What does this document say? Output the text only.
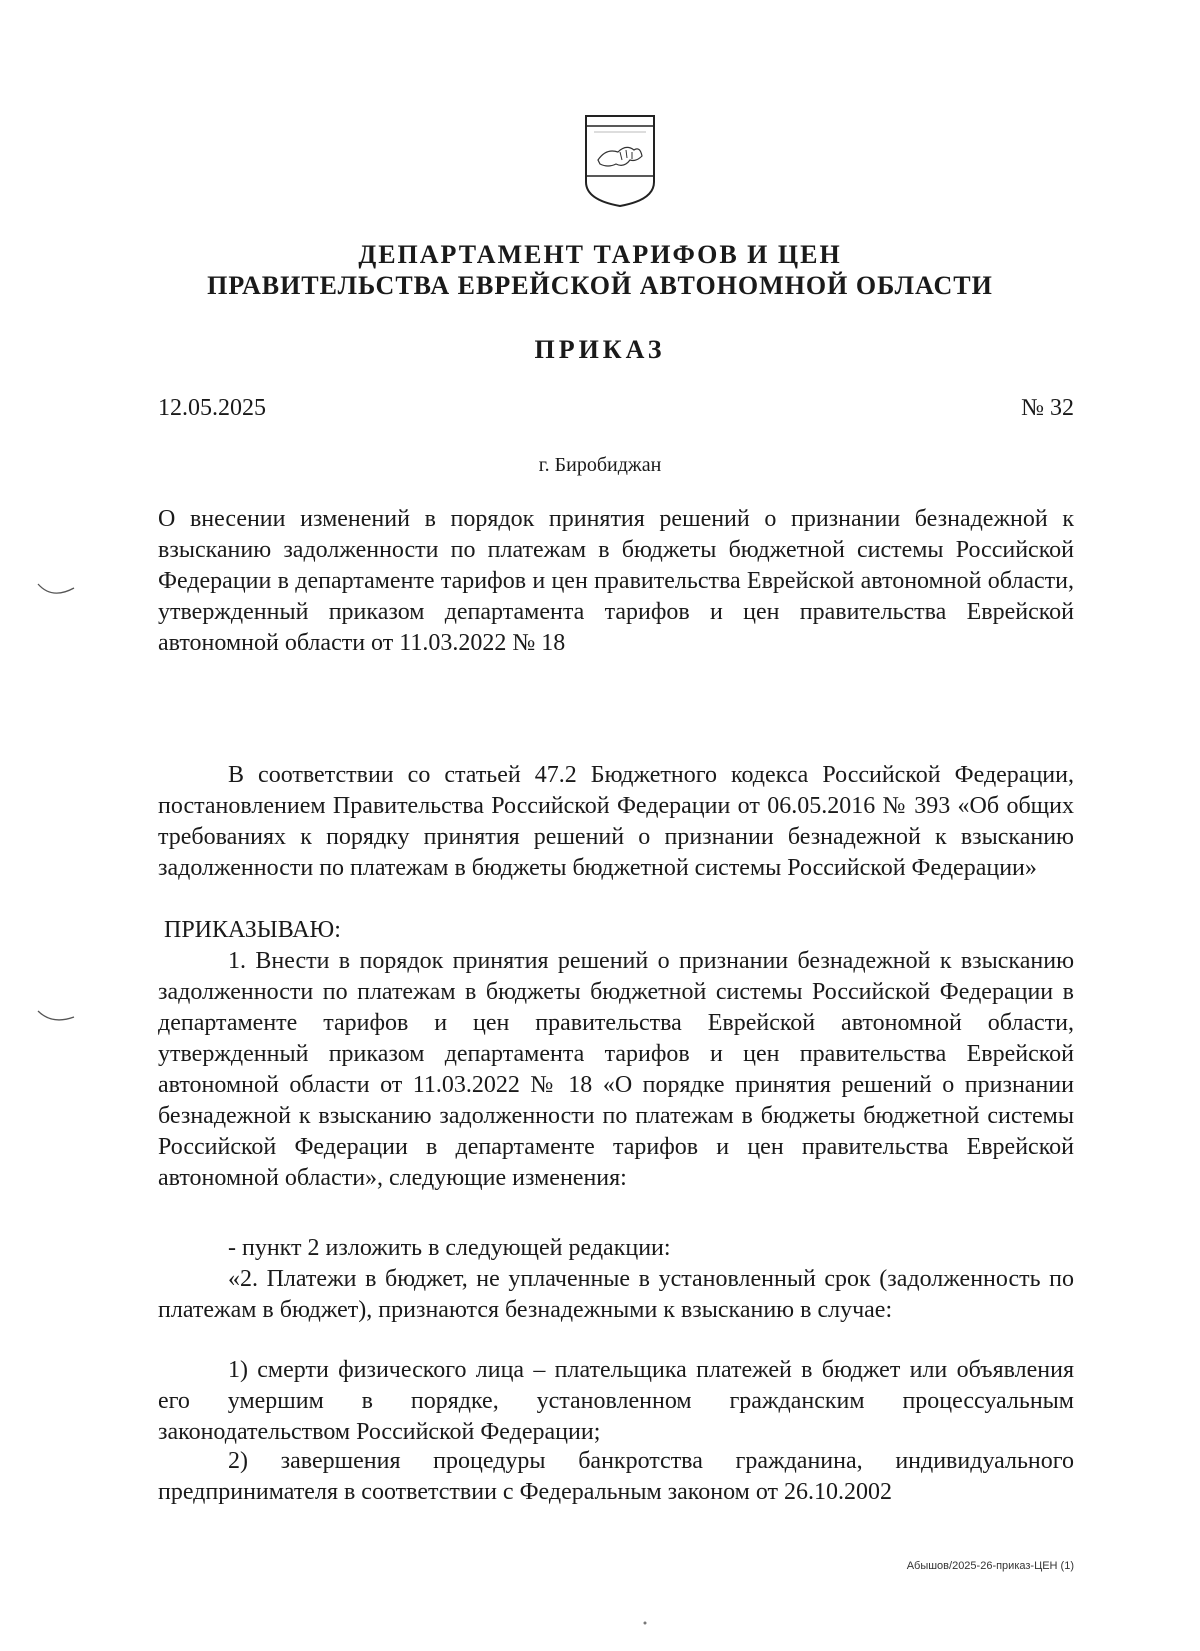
ДЕПАРТАМЕНТ ТАРИФОВ И ЦЕН
ПРАВИТЕЛЬСТВА ЕВРЕЙСКОЙ АВТОНОМНОЙ ОБЛАСТИ
ПРИКАЗ
12.05.2025	№ 32
г. Биробиджан
О внесении изменений в порядок принятия решений о признании безнадежной к взысканию задолженности по платежам в бюджеты бюджетной системы Российской Федерации в департаменте тарифов и цен правительства Еврейской автономной области, утвержденный приказом департамента тарифов и цен правительства Еврейской автономной области от 11.03.2022 № 18
В соответствии со статьей 47.2 Бюджетного кодекса Российской Федерации, постановлением Правительства Российской Федерации от 06.05.2016 № 393 «Об общих требованиях к порядку принятия решений о признании безнадежной к взысканию задолженности по платежам в бюджеты бюджетной системы Российской Федерации»
ПРИКАЗЫВАЮ:
1. Внести в порядок принятия решений о признании безнадежной к взысканию задолженности по платежам в бюджеты бюджетной системы Российской Федерации в департаменте тарифов и цен правительства Еврейской автономной области, утвержденный приказом департамента тарифов и цен правительства Еврейской автономной области от 11.03.2022 № 18 «О порядке принятия решений о признании безнадежной к взысканию задолженности по платежам в бюджеты бюджетной системы Российской Федерации в департаменте тарифов и цен правительства Еврейской автономной области», следующие изменения:
- пункт 2 изложить в следующей редакции:
«2. Платежи в бюджет, не уплаченные в установленный срок (задолженность по платежам в бюджет), признаются безнадежными к взысканию в случае:
1) смерти физического лица – плательщика платежей в бюджет или объявления его умершим в порядке, установленном гражданским процессуальным законодательством Российской Федерации;
2) завершения процедуры банкротства гражданина, индивидуального предпринимателя в соответствии с Федеральным законом от 26.10.2002
Абышов/2025-26-приказ-ЦЕН (1)
